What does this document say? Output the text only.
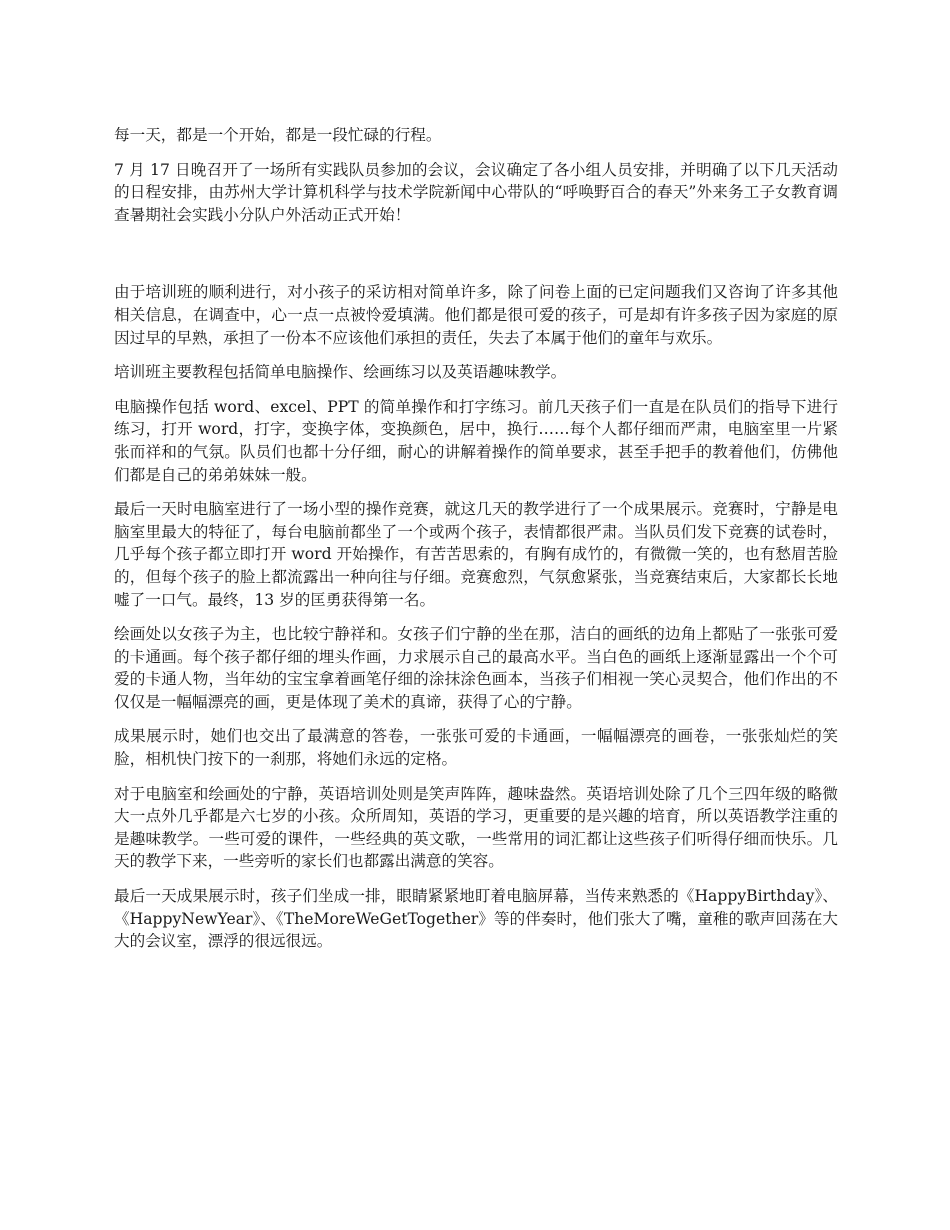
每一天，都是一个开始，都是一段忙碌的行程。

7 月 17 日晚召开了一场所有实践队员参加的会议，会议确定了各小组人员安排，并明确了以下几天活动的日程安排，由苏州大学计算机科学与技术学院新闻中心带队的“呼唤野百合的春天”外来务工子女教育调查暑期社会实践小分队户外活动正式开始！

由于培训班的顺利进行，对小孩子的采访相对简单许多，除了问卷上面的已定问题我们又咨询了许多其他相关信息，在调查中，心一点一点被怜爱填满。他们都是很可爱的孩子，可是却有许多孩子因为家庭的原因过早的早熟，承担了一份本不应该他们承担的责任，失去了本属于他们的童年与欢乐。

培训班主要教程包括简单电脑操作、绘画练习以及英语趣味教学。

电脑操作包括 word、excel、PPT 的简单操作和打字练习。前几天孩子们一直是在队员们的指导下进行练习，打开 word，打字，变换字体，变换颜色，居中，换行……每个人都仔细而严肃，电脑室里一片紧张而祥和的气氛。队员们也都十分仔细，耐心的讲解着操作的简单要求，甚至手把手的教着他们，仿佛他们都是自己的弟弟妹妹一般。

最后一天时电脑室进行了一场小型的操作竞赛，就这几天的教学进行了一个成果展示。竞赛时，宁静是电脑室里最大的特征了，每台电脑前都坐了一个或两个孩子，表情都很严肃。当队员们发下竞赛的试卷时，几乎每个孩子都立即打开 word 开始操作，有苦苦思索的，有胸有成竹的，有微微一笑的，也有愁眉苦脸的，但每个孩子的脸上都流露出一种向往与仔细。竞赛愈烈，气氛愈紧张，当竞赛结束后，大家都长长地嘘了一口气。最终，13 岁的匡勇获得第一名。

绘画处以女孩子为主，也比较宁静祥和。女孩子们宁静的坐在那，洁白的画纸的边角上都贴了一张张可爱的卡通画。每个孩子都仔细的埋头作画，力求展示自己的最高水平。当白色的画纸上逐渐显露出一个个可爱的卡通人物，当年幼的宝宝拿着画笔仔细的涂抹涂色画本，当孩子们相视一笑心灵契合，他们作出的不仅仅是一幅幅漂亮的画，更是体现了美术的真谛，获得了心的宁静。

成果展示时，她们也交出了最满意的答卷，一张张可爱的卡通画，一幅幅漂亮的画卷，一张张灿烂的笑脸，相机快门按下的一刹那，将她们永远的定格。

对于电脑室和绘画处的宁静，英语培训处则是笑声阵阵，趣味盎然。英语培训处除了几个三四年级的略微大一点外几乎都是六七岁的小孩。众所周知，英语的学习，更重要的是兴趣的培育，所以英语教学注重的是趣味教学。一些可爱的课件，一些经典的英文歌，一些常用的词汇都让这些孩子们听得仔细而快乐。几天的教学下来，一些旁听的家长们也都露出满意的笑容。

最后一天成果展示时，孩子们坐成一排，眼睛紧紧地盯着电脑屏幕，当传来熟悉的《HappyBirthday》、《HappyNewYear》、《TheMoreWeGetTogether》等的伴奏时，他们张大了嘴，童稚的歌声回荡在大大的会议室，漂浮的很远很远。
